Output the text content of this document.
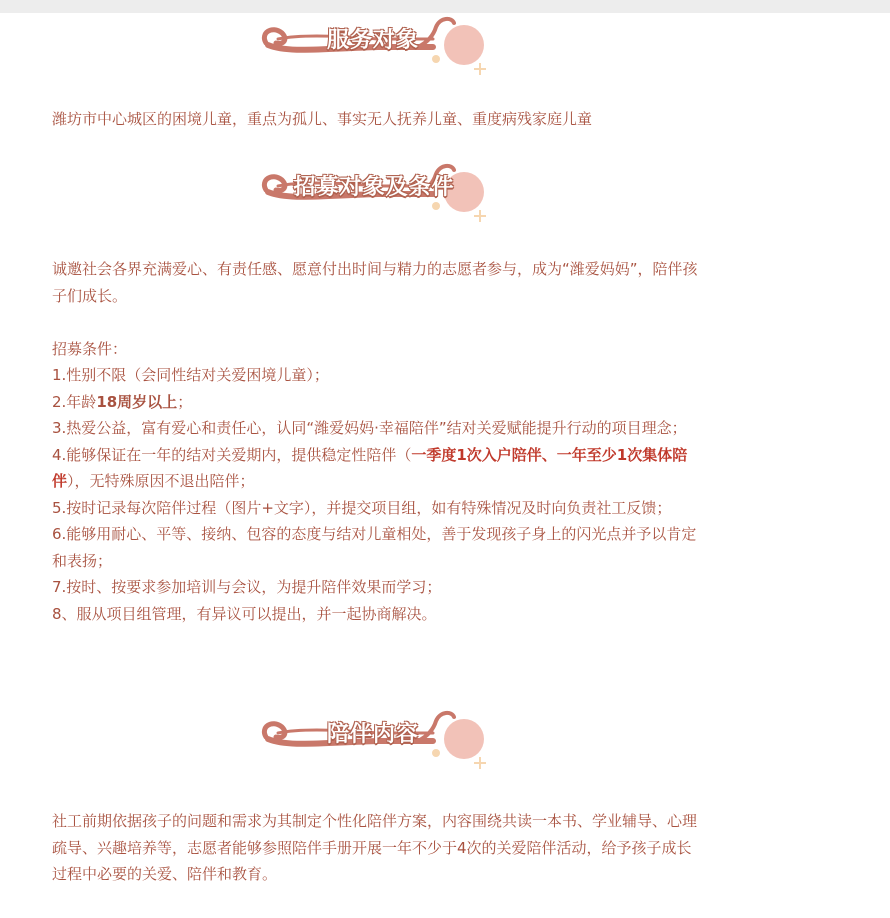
服务对象

潍坊市中心城区的困境儿童，重点为孤儿、事实无人抚养儿童、重度病残家庭儿童

招募对象及条件

诚邀社会各界充满爱心、有责任感、愿意付出时间与精力的志愿者参与，成为“潍爱妈妈”，陪伴孩子们成长。

招募条件：

1.性别不限（会同性结对关爱困境儿童）；

2.年龄18周岁以上；

3.热爱公益，富有爱心和责任心，认同“潍爱妈妈·幸福陪伴”结对关爱赋能提升行动的项目理念；

4.能够保证在一年的结对关爱期内，提供稳定性陪伴（一季度1次入户陪伴、一年至少1次集体陪伴），无特殊原因不退出陪伴；

5.按时记录每次陪伴过程（图片+文字），并提交项目组，如有特殊情况及时向负责社工反馈；

6.能够用耐心、平等、接纳、包容的态度与结对儿童相处，善于发现孩子身上的闪光点并予以肯定和表扬；

7.按时、按要求参加培训与会议，为提升陪伴效果而学习；

8、服从项目组管理，有异议可以提出，并一起协商解决。

陪伴内容

社工前期依据孩子的问题和需求为其制定个性化陪伴方案，内容围绕共读一本书、学业辅导、心理疏导、兴趣培养等，志愿者能够参照陪伴手册开展一年不少于4次的关爱陪伴活动，给予孩子成长过程中必要的关爱、陪伴和教育。
